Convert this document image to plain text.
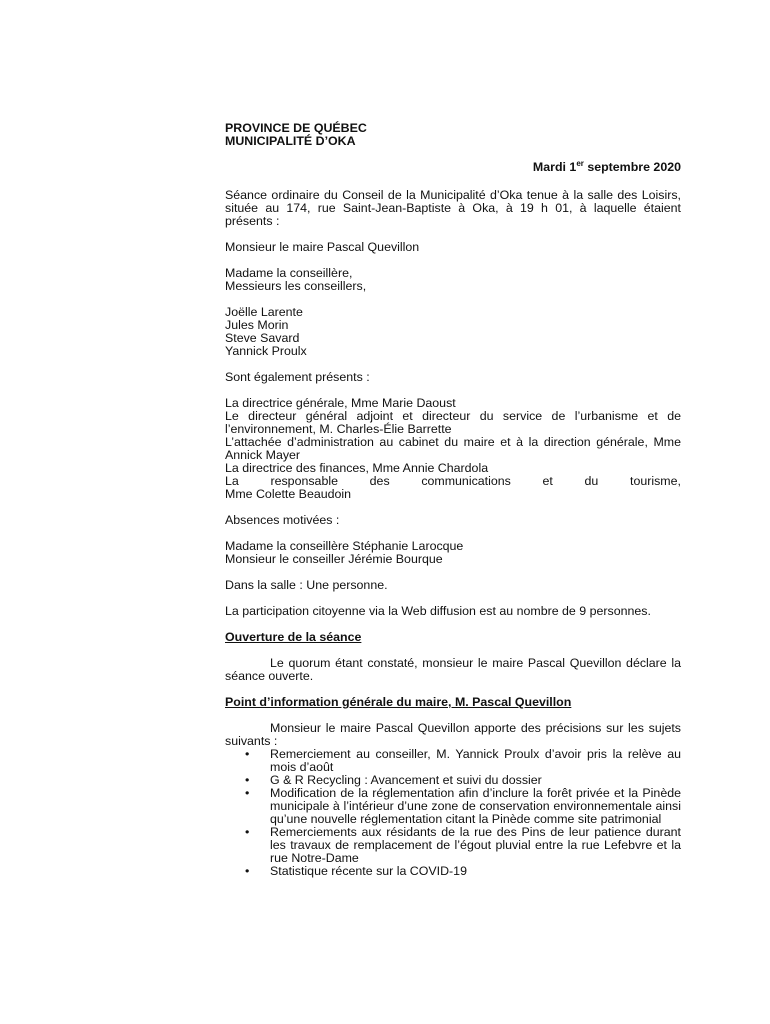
PROVINCE DE QUÉBEC

MUNICIPALITÉ D’OKA

Mardi 1er septembre 2020

Séance ordinaire du Conseil de la Municipalité d’Oka tenue à la salle des Loisirs, située au 174, rue Saint-Jean-Baptiste à Oka, à 19 h 01, à laquelle étaient présents :

Monsieur le maire Pascal Quevillon

Madame la conseillère,

Messieurs les conseillers,

Joëlle Larente

Jules Morin

Steve Savard

Yannick Proulx

Sont également présents :

La directrice générale, Mme Marie Daoust

Le directeur général adjoint et directeur du service de l’urbanisme et de l’environnement, M. Charles-Élie Barrette

L’attachée d’administration au cabinet du maire et à la direction générale, Mme Annick Mayer

La directrice des finances, Mme Annie Chardola

La	responsable	des	communications	et	du	tourisme,

Mme Colette Beaudoin

Absences motivées :

Madame la conseillère Stéphanie Larocque

Monsieur le conseiller Jérémie Bourque

Dans la salle : Une personne.

La participation citoyenne via la Web diffusion est au nombre de 9 personnes.

Ouverture de la séance

Le quorum étant constaté, monsieur le maire Pascal Quevillon déclare la séance ouverte.

Point d’information générale du maire, M. Pascal Quevillon

Monsieur le maire Pascal Quevillon apporte des précisions sur les sujets suivants :

• Remerciement au conseiller, M. Yannick Proulx d’avoir pris la relève au mois d’août
• G & R Recycling : Avancement et suivi du dossier
• Modification de la réglementation afin d’inclure la forêt privée et la Pinède municipale à l’intérieur d’une zone de conservation environnementale ainsi qu’une nouvelle réglementation citant la Pinède comme site patrimonial
• Remerciements aux résidants de la rue des Pins de leur patience durant les travaux de remplacement de l’égout pluvial entre la rue Lefebvre et la rue Notre-Dame
• Statistique récente sur la COVID-19
